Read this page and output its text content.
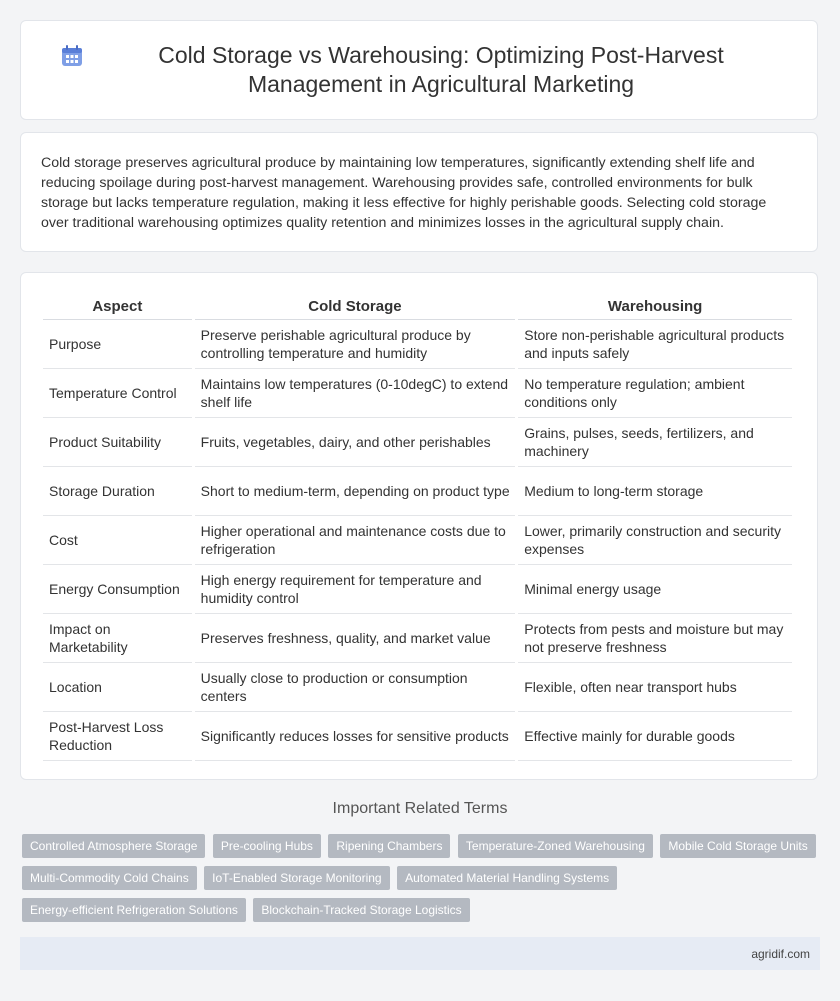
Cold Storage vs Warehousing: Optimizing Post-Harvest Management in Agricultural Marketing

Cold storage preserves agricultural produce by maintaining low temperatures, significantly extending shelf life and reducing spoilage during post-harvest management. Warehousing provides safe, controlled environments for bulk storage but lacks temperature regulation, making it less effective for highly perishable goods. Selecting cold storage over traditional warehousing optimizes quality retention and minimizes losses in the agricultural supply chain.

Aspect	Cold Storage	Warehousing
Purpose	Preserve perishable agricultural produce by controlling temperature and humidity	Store non-perishable agricultural products and inputs safely
Temperature Control	Maintains low temperatures (0-10degC) to extend shelf life	No temperature regulation; ambient conditions only
Product Suitability	Fruits, vegetables, dairy, and other perishables	Grains, pulses, seeds, fertilizers, and machinery
Storage Duration	Short to medium-term, depending on product type	Medium to long-term storage
Cost	Higher operational and maintenance costs due to refrigeration	Lower, primarily construction and security expenses
Energy Consumption	High energy requirement for temperature and humidity control	Minimal energy usage
Impact on Marketability	Preserves freshness, quality, and market value	Protects from pests and moisture but may not preserve freshness
Location	Usually close to production or consumption centers	Flexible, often near transport hubs
Post-Harvest Loss Reduction	Significantly reduces losses for sensitive products	Effective mainly for durable goods
Important Related Terms
Controlled Atmosphere Storage Pre-cooling Hubs Ripening Chambers Temperature-Zoned Warehousing Mobile Cold Storage Units Multi-Commodity Cold Chains IoT-Enabled Storage Monitoring Automated Material Handling Systems Energy-efficient Refrigeration Solutions Blockchain-Tracked Storage Logistics
agridif.com
